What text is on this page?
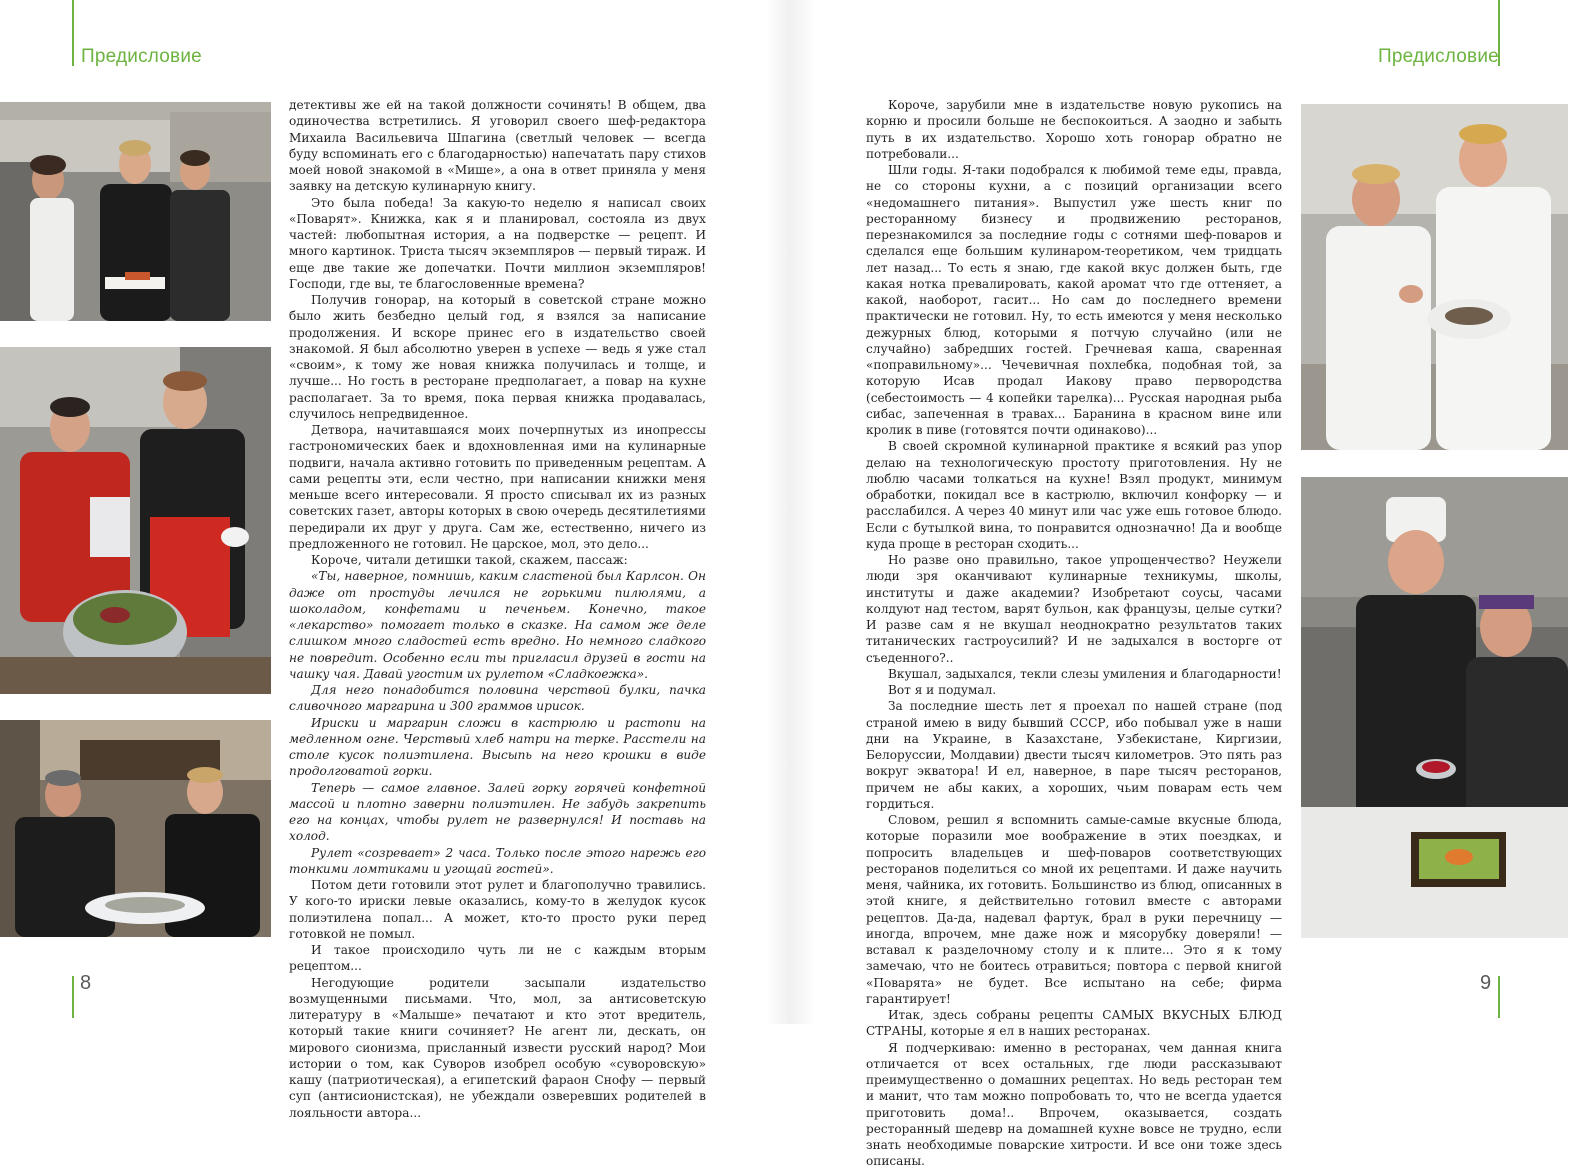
Предисловие

детективы же ей на такой должности сочинять! В общем, два одиночества встретились. Я уговорил своего шеф-редактора Михаила Васильевича Шпагина (светлый человек — всегда буду вспоминать его с благодарностью) напечатать пару стихов моей новой знакомой в «Мише», а она в ответ приняла у меня заявку на детскую кулинарную книгу.

Это была победа! За какую-то неделю я написал своих «Поварят». Книжка, как я и планировал, состояла из двух частей: любопытная история, а на подверстке — рецепт. И много картинок. Триста тысяч экземпляров — первый тираж. И еще две такие же допечатки. Почти миллион экземпляров! Господи, где вы, те благословенные времена?

Получив гонорар, на который в советской стране можно было жить безбедно целый год, я взялся за написание продолжения. И вскоре принес его в издательство своей знакомой. Я был абсолютно уверен в успехе — ведь я уже стал «своим», к тому же новая книжка получилась и толще, и лучше... Но гость в ресторане предполагает, а повар на кухне располагает. За то время, пока первая книжка продавалась, случилось непредвиденное.

Детвора, начитавшаяся моих почерпнутых из инопрессы гастрономических баек и вдохновленная ими на кулинарные подвиги, начала активно готовить по приведенным рецептам. А сами рецепты эти, если честно, при написании книжки меня меньше всего интересовали. Я просто списывал их из разных советских газет, авторы которых в свою очередь десятилетиями передирали их друг у друга. Сам же, естественно, ничего из предложенного не готовил. Не царское, мол, это дело...

Короче, читали детишки такой, скажем, пассаж:

«Ты, наверное, помнишь, каким сластеной был Карлсон. Он даже от простуды лечился не горькими пилюлями, а шоколадом, конфетами и печеньем. Конечно, такое «лекарство» помогает только в сказке. На самом же деле слишком много сладостей есть вредно. Но немного сладкого не повредит. Особенно если ты пригласил друзей в гости на чашку чая. Давай угостим их рулетом «Сладкоежка».

Для него понадобится половина черствой булки, пачка сливочного маргарина и 300 граммов ирисок.

Ириски и маргарин сложи в кастрюлю и растопи на медленном огне. Черствый хлеб натри на терке. Расстели на столе кусок полиэтилена. Высыпь на него крошки в виде продолговатой горки.

Теперь — самое главное. Залей горку горячей конфетной массой и плотно заверни полиэтилен. Не забудь закрепить его на концах, чтобы рулет не развернулся! И поставь на холод.

Рулет «созревает» 2 часа. Только после этого нарежь его тонкими ломтиками и угощай гостей».

Потом дети готовили этот рулет и благополучно травились. У кого-то ириски левые оказались, кому-то в желудок кусок полиэтилена попал... А может, кто-то просто руки перед готовкой не помыл.

И такое происходило чуть ли не с каждым вторым рецептом...

Негодующие родители засыпали издательство возмущенными письмами. Что, мол, за антисоветскую литературу в «Малыше» печатают и кто этот вредитель, который такие книги сочиняет? Не агент ли, дескать, он мирового сионизма, присланный извести русский народ? Мои истории о том, как Суворов изобрел особую «суворовскую» кашу (патриотическая), а египетский фараон Снофу — первый суп (антисионистская), не убеждали озверевших родителей в лояльности автора...

8
Предисловие

Короче, зарубили мне в издательстве новую рукопись на корню и просили больше не беспокоиться. А заодно и забыть путь в их издательство. Хорошо хоть гонорар обратно не потребовали...

Шли годы. Я-таки подобрался к любимой теме еды, правда, не со стороны кухни, а с позиций организации всего «недомашнего питания». Выпустил уже шесть книг по ресторанному бизнесу и продвижению ресторанов, перезнакомился за последние годы с сотнями шеф-поваров и сделался еще большим кулинаром-теоретиком, чем тридцать лет назад... То есть я знаю, где какой вкус должен быть, где какая нотка превалировать, какой аромат что где оттеняет, а какой, наоборот, гасит... Но сам до последнего времени практически не готовил. Ну, то есть имеются у меня несколько дежурных блюд, которыми я потчую случайно (или не случайно) забредших гостей. Гречневая каша, сваренная «поправильному»... Чечевичная похлебка, подобная той, за которую Исав продал Иакову право первородства (себестоимость — 4 копейки тарелка)... Русская народная рыба сибас, запеченная в травах... Баранина в красном вине или кролик в пиве (готовятся почти одинаково)...

В своей скромной кулинарной практике я всякий раз упор делаю на технологическую простоту приготовления. Ну не люблю часами толкаться на кухне! Взял продукт, минимум обработки, покидал все в кастрюлю, включил конфорку — и расслабился. А через 40 минут или час уже ешь готовое блюдо. Если с бутылкой вина, то понравится однозначно! Да и вообще куда проще в ресторан сходить...

Но разве оно правильно, такое упрощенчество? Неужели люди зря оканчивают кулинарные техникумы, школы, институты и даже академии? Изобретают соусы, часами колдуют над тестом, варят бульон, как французы, целые сутки? И разве сам я не вкушал неоднократно результатов таких титанических гастроусилий? И не задыхался в восторге от съеденного?..

Вкушал, задыхался, текли слезы умиления и благодарности!

Вот я и подумал.

За последние шесть лет я проехал по нашей стране (под страной имею в виду бывший СССР, ибо побывал уже в наши дни на Украине, в Казахстане, Узбекистане, Киргизии, Белоруссии, Молдавии) двести тысяч километров. Это пять раз вокруг экватора! И ел, наверное, в паре тысяч ресторанов, причем не абы каких, а хороших, чьим поварам есть чем гордиться.

Словом, решил я вспомнить самые-самые вкусные блюда, которые поразили мое воображение в этих поездках, и попросить владельцев и шеф-поваров соответствующих ресторанов поделиться со мной их рецептами. И даже научить меня, чайника, их готовить. Большинство из блюд, описанных в этой книге, я действительно готовил вместе с авторами рецептов. Да-да, надевал фартук, брал в руки перечницу — иногда, впрочем, мне даже нож и мясорубку доверяли! — вставал к разделочному столу и к плите... Это я к тому замечаю, что не боитесь отравиться; повтора с первой книгой «Поварята» не будет. Все испытано на себе; фирма гарантирует!

Итак, здесь собраны рецепты САМЫХ ВКУСНЫХ БЛЮД СТРАНЫ, которые я ел в наших ресторанах.

Я подчеркиваю: именно в ресторанах, чем данная книга отличается от всех остальных, где люди рассказывают преимущественно о домашних рецептах. Но ведь ресторан тем и манит, что там можно попробовать то, что не всегда удается приготовить дома!.. Впрочем, оказывается, создать ресторанный шедевр на домашней кухне вовсе не трудно, если знать необходимые поварские хитрости. И все они тоже здесь описаны.

9
